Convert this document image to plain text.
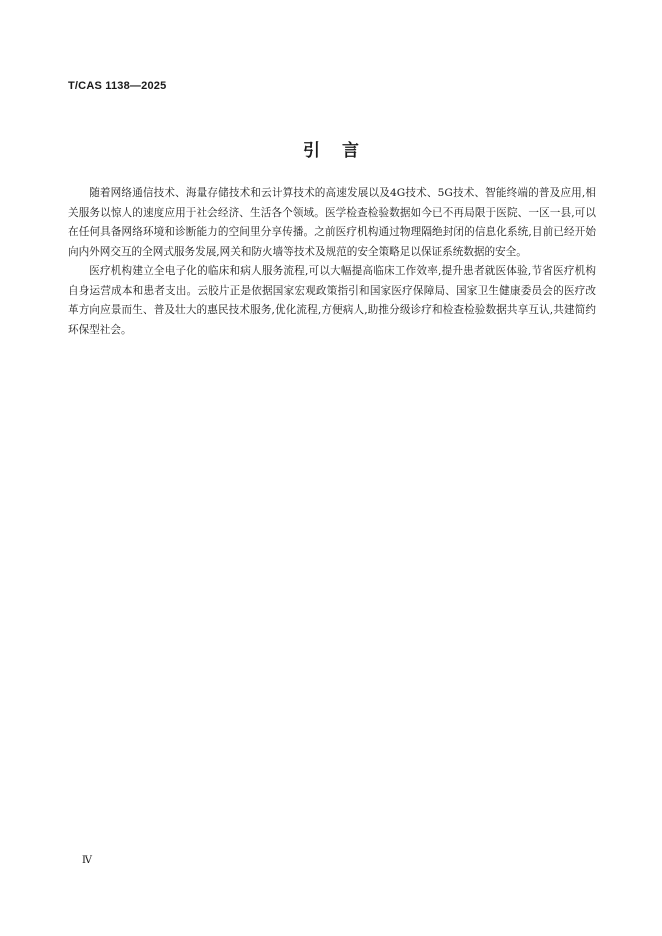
T/CAS 1138—2025
引言

随着网络通信技术、海量存储技术和云计算技术的高速发展以及4G技术、5G技术、智能终端的普及应用,相关服务以惊人的速度应用于社会经济、生活各个领域。医学检查检验数据如今已不再局限于医院、一区一县,可以在任何具备网络环境和诊断能力的空间里分享传播。之前医疗机构通过物理隔绝封闭的信息化系统,目前已经开始向内外网交互的全网式服务发展,网关和防火墙等技术及规范的安全策略足以保证系统数据的安全。

医疗机构建立全电子化的临床和病人服务流程,可以大幅提高临床工作效率,提升患者就医体验,节省医疗机构自身运营成本和患者支出。云胶片正是依据国家宏观政策指引和国家医疗保障局、国家卫生健康委员会的医疗改革方向应景而生、普及壮大的惠民技术服务,优化流程,方便病人,助推分级诊疗和检查检验数据共享互认,共建简约环保型社会。

Ⅳ
